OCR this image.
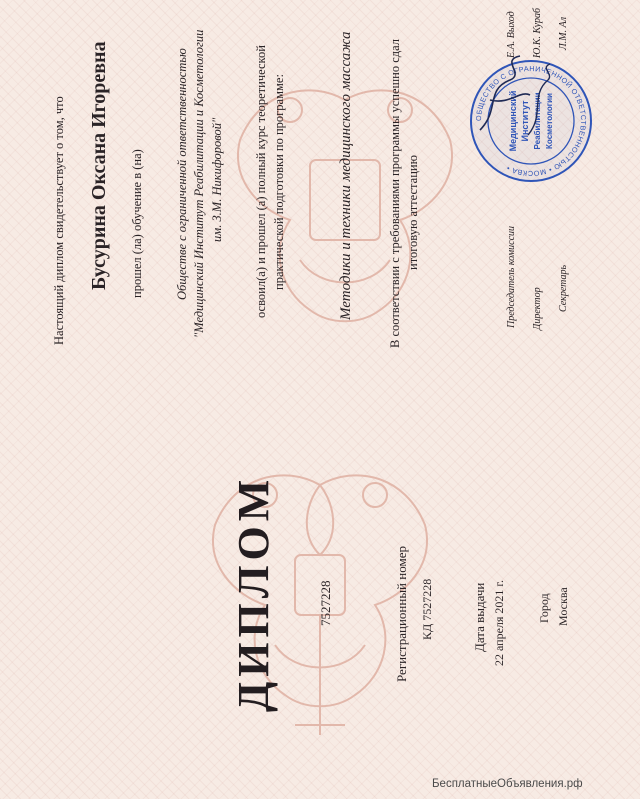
ДИПЛОМ	7527228	Регистрационный номер КД 7527228	Дата выдачи 22 апреля 2021 г.	Город Москва
Настоящий диплом свидетельствует о том, что Бусурина Оксана Игоревна прошел (ла) обучение в (на) Обществе с ограниченной ответственностью "Медицинский Институт Реабилитации и Косметологии им. З.М. Никифоровой" освоил(а) и прошел (а) полный курс теоретической практической подготовки по программе:	Методики и техники медицинского массажа	В соответствии с требованиями программы успешно сдал итоговую аттестацию
Председатель комиссии
Е.А. Выход
Директор
Ю.К. Кураб
Секретарь
Л.М. Ал
ОБЩЕСТВО С ОГРАНИЧЕННОЙ ОТВЕТСТВЕННОСТЬЮ • МОСКВА •
Медицинский Институт Реабилитации Косметологии
БесплатныеОбъявления.рф
